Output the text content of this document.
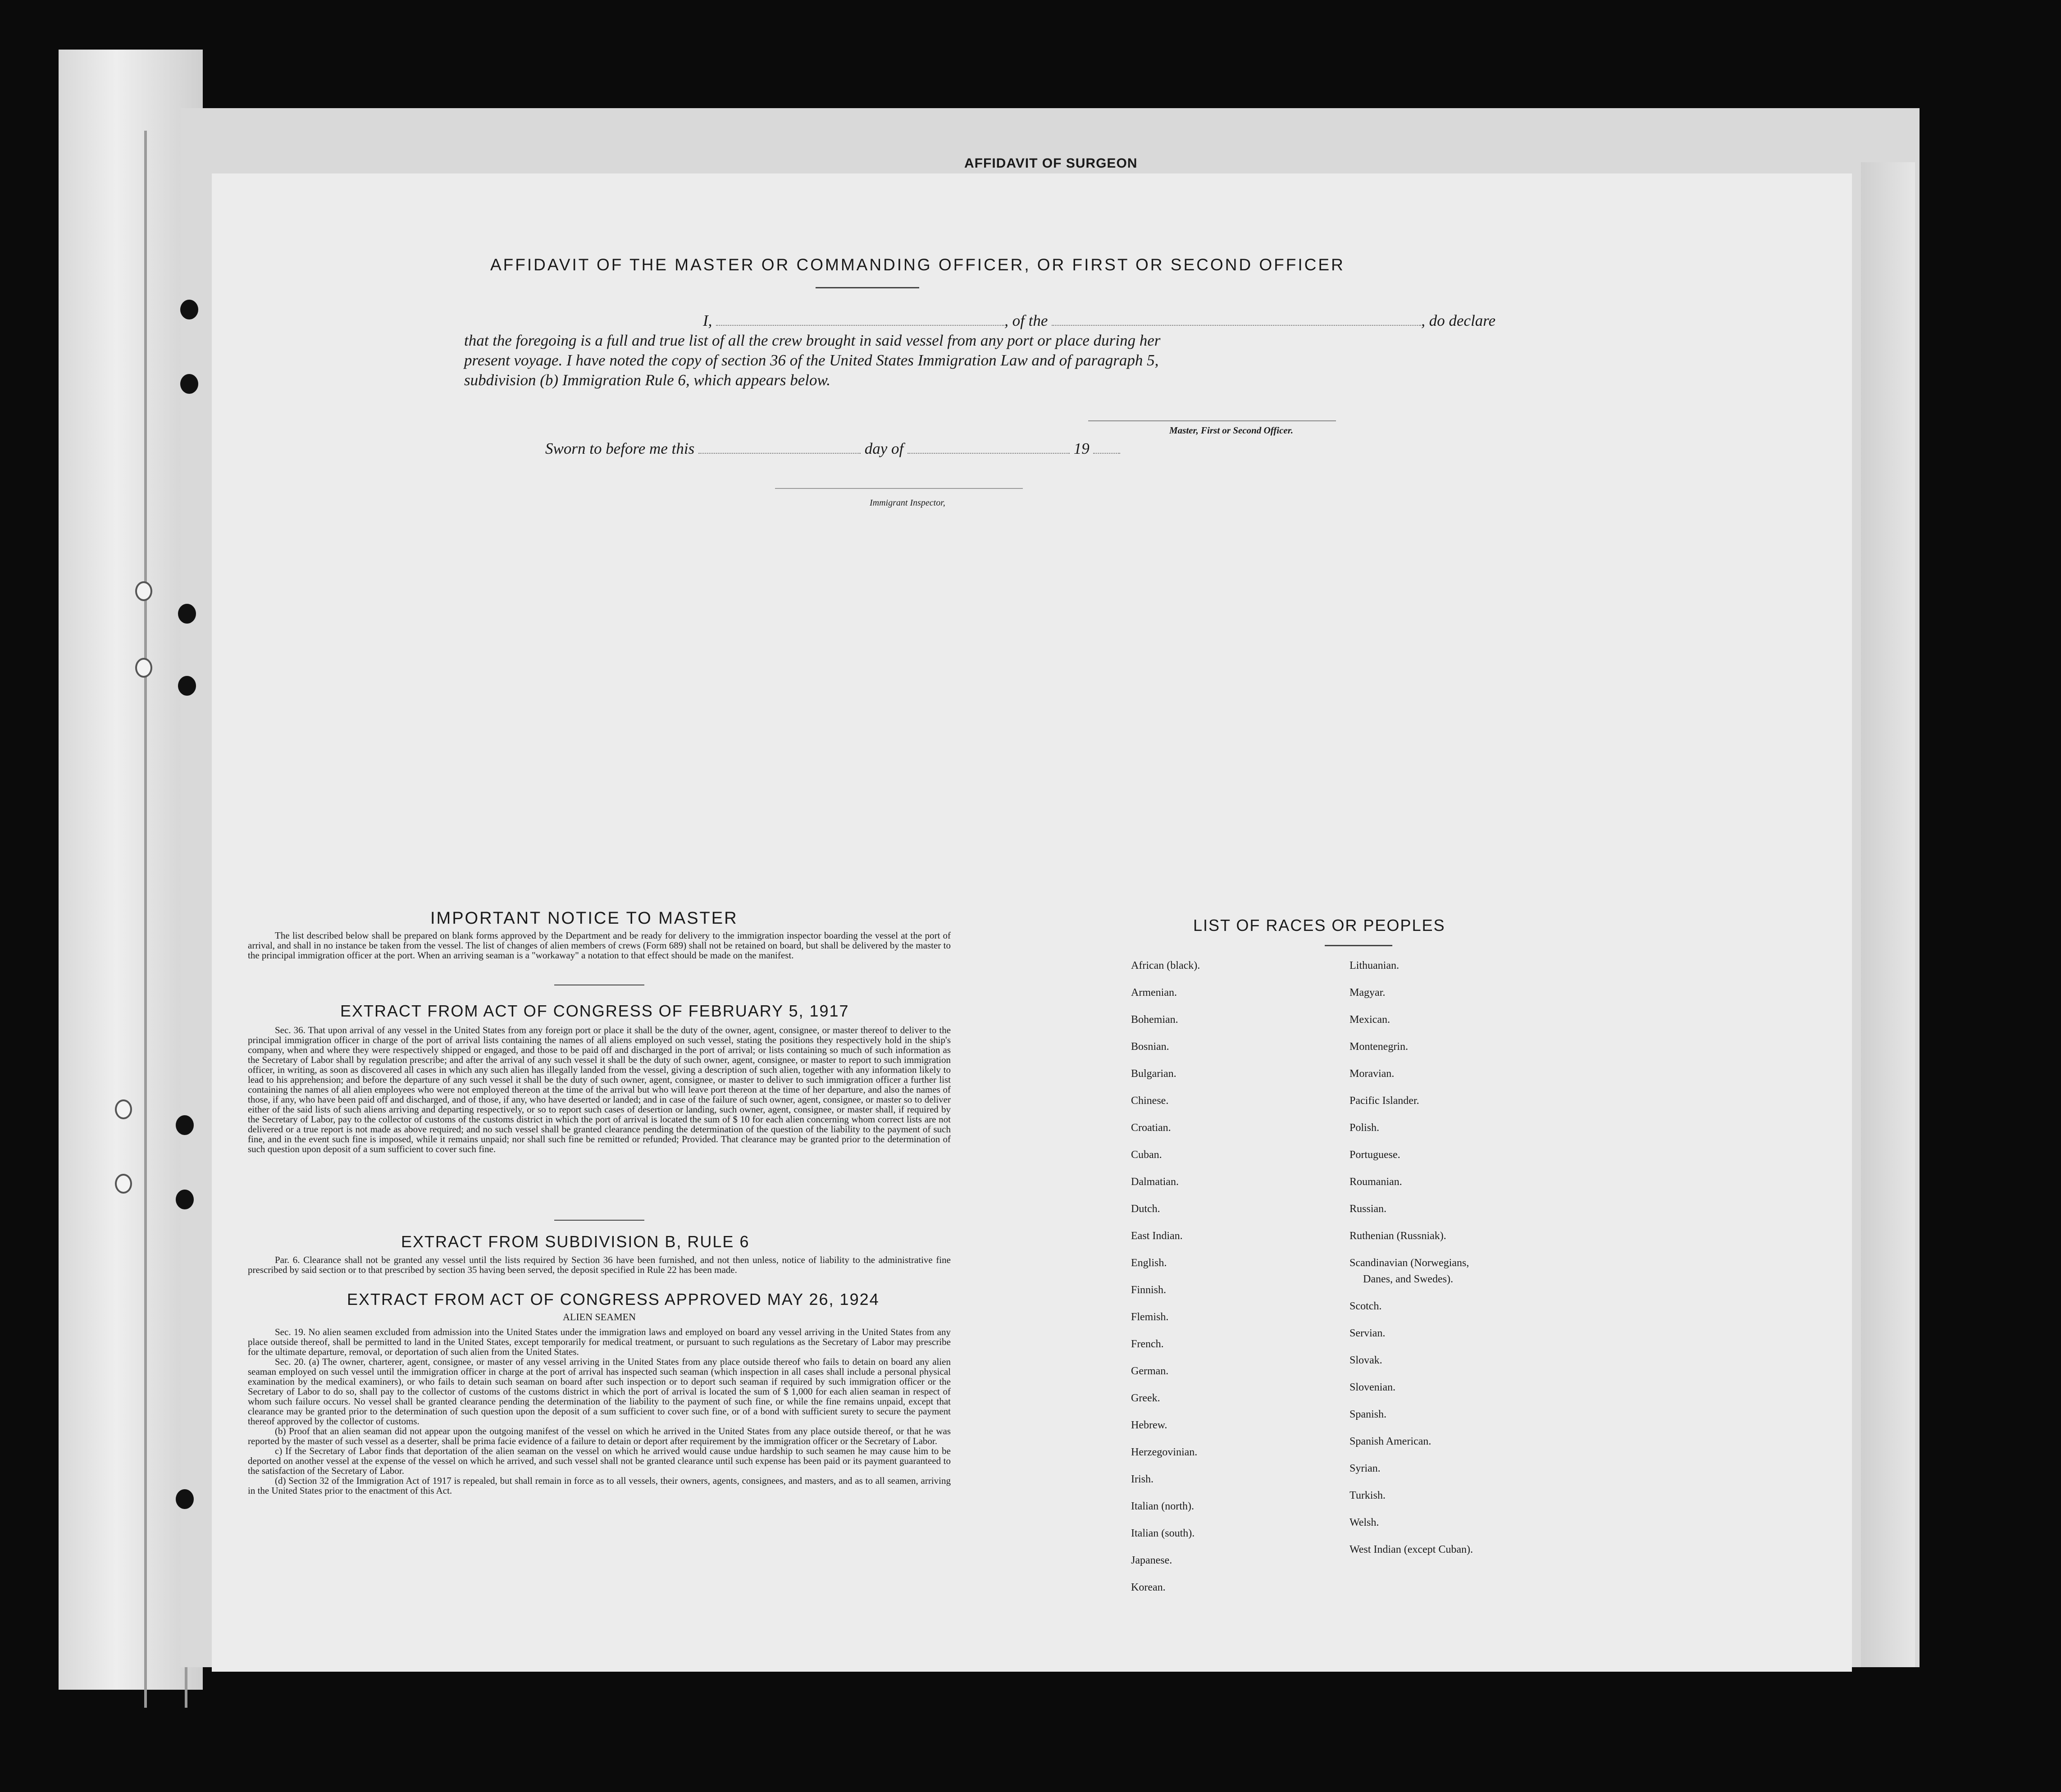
AFFIDAVIT OF SURGEON
AFFIDAVIT OF THE MASTER OR COMMANDING OFFICER, OR FIRST OR SECOND OFFICER
I,	, of the	, do declare
that the foregoing is a full and true list of all the crew brought in said vessel from any port or place during her
present voyage. I have noted the copy of section 36 of the United States Immigration Law and of paragraph 5,
subdivision (b) Immigration Rule 6, which appears below.
Master, First or Second Officer.
Sworn to before me this	day of	19
Immigrant Inspector,
IMPORTANT NOTICE TO MASTER
The list described below shall be prepared on blank forms approved by the Department and be ready for delivery to the immigration inspector boarding the vessel at the port of arrival, and shall in no instance be taken from the vessel. The list of changes of alien members of crews (Form 689) shall not be retained on board, but shall be delivered by the master to the principal immigration officer at the port. When an arriving seaman is a "workaway" a notation to that effect should be made on the manifest.
EXTRACT FROM ACT OF CONGRESS OF FEBRUARY 5, 1917
Sec. 36. That upon arrival of any vessel in the United States from any foreign port or place it shall be the duty of the owner, agent, consignee, or master thereof to deliver to the principal immigration officer in charge of the port of arrival lists containing the names of all aliens employed on such vessel, stating the positions they respectively hold in the ship's company, when and where they were respectively shipped or engaged, and those to be paid off and discharged in the port of arrival; or lists containing so much of such information as the Secretary of Labor shall by regulation prescribe; and after the arrival of any such vessel it shall be the duty of such owner, agent, consignee, or master to report to such immigration officer, in writing, as soon as discovered all cases in which any such alien has illegally landed from the vessel, giving a description of such alien, together with any information likely to lead to his apprehension; and before the departure of any such vessel it shall be the duty of such owner, agent, consignee, or master to deliver to such immigration officer a further list containing the names of all alien employees who were not employed thereon at the time of the arrival but who will leave port thereon at the time of her departure, and also the names of those, if any, who have been paid off and discharged, and of those, if any, who have deserted or landed; and in case of the failure of such owner, agent, consignee, or master so to deliver either of the said lists of such aliens arriving and departing respectively, or so to report such cases of desertion or landing, such owner, agent, consignee, or master shall, if required by the Secretary of Labor, pay to the collector of customs of the customs district in which the port of arrival is located the sum of $ 10 for each alien concerning whom correct lists are not delivered or a true report is not made as above required; and no such vessel shall be granted clearance pending the determination of the question of the liability to the payment of such fine, and in the event such fine is imposed, while it remains unpaid; nor shall such fine be remitted or refunded; Provided. That clearance may be granted prior to the determination of such question upon deposit of a sum sufficient to cover such fine.
EXTRACT FROM SUBDIVISION B, RULE 6
Par. 6. Clearance shall not be granted any vessel until the lists required by Section 36 have been furnished, and not then unless, notice of liability to the administrative fine prescribed by said section or to that prescribed by section 35 having been served, the deposit specified in Rule 22 has been made.
EXTRACT FROM ACT OF CONGRESS APPROVED MAY 26, 1924
ALIEN SEAMEN
Sec. 19. No alien seamen excluded from admission into the United States under the immigration laws and employed on board any vessel arriving in the United States from any place outside thereof, shall be permitted to land in the United States, except temporarily for medical treatment, or pursuant to such regulations as the Secretary of Labor may prescribe for the ultimate departure, removal, or deportation of such alien from the United States.
Sec. 20. (a) The owner, charterer, agent, consignee, or master of any vessel arriving in the United States from any place outside thereof who fails to detain on board any alien seaman employed on such vessel until the immigration officer in charge at the port of arrival has inspected such seaman (which inspection in all cases shall include a personal physical examination by the medical examiners), or who fails to detain such seaman on board after such inspection or to deport such seaman if required by such immigration officer or the Secretary of Labor to do so, shall pay to the collector of customs of the customs district in which the port of arrival is located the sum of $ 1,000 for each alien seaman in respect of whom such failure occurs. No vessel shall be granted clearance pending the determination of the liability to the payment of such fine, or while the fine remains unpaid, except that clearance may be granted prior to the determination of such question upon the deposit of a sum sufficient to cover such fine, or of a bond with sufficient surety to secure the payment thereof approved by the collector of customs.
(b) Proof that an alien seaman did not appear upon the outgoing manifest of the vessel on which he arrived in the United States from any place outside thereof, or that he was reported by the master of such vessel as a deserter, shall be prima facie evidence of a failure to detain or deport after requirement by the immigration officer or the Secretary of Labor.
c) If the Secretary of Labor finds that deportation of the alien seaman on the vessel on which he arrived would cause undue hardship to such seamen he may cause him to be deported on another vessel at the expense of the vessel on which he arrived, and such vessel shall not be granted clearance until such expense has been paid or its payment guaranteed to the satisfaction of the Secretary of Labor.
(d) Section 32 of the Immigration Act of 1917 is repealed, but shall remain in force as to all vessels, their owners, agents, consignees, and masters, and as to all seamen, arriving in the United States prior to the enactment of this Act.
LIST OF RACES OR PEOPLES
African (black).
Armenian.
Bohemian.
Bosnian.
Bulgarian.
Chinese.
Croatian.
Cuban.
Dalmatian.
Dutch.
East Indian.
English.
Finnish.
Flemish.
French.
German.
Greek.
Hebrew.
Herzegovinian.
Irish.
Italian (north).
Italian (south).
Japanese.
Korean.
Lithuanian.
Magyar.
Mexican.
Montenegrin.
Moravian.
Pacific Islander.
Polish.
Portuguese.
Roumanian.
Russian.
Ruthenian (Russniak).
Scandinavian (Norwegians,
Danes, and Swedes).
Scotch.
Servian.
Slovak.
Slovenian.
Spanish.
Spanish American.
Syrian.
Turkish.
Welsh.
West Indian (except Cuban).
